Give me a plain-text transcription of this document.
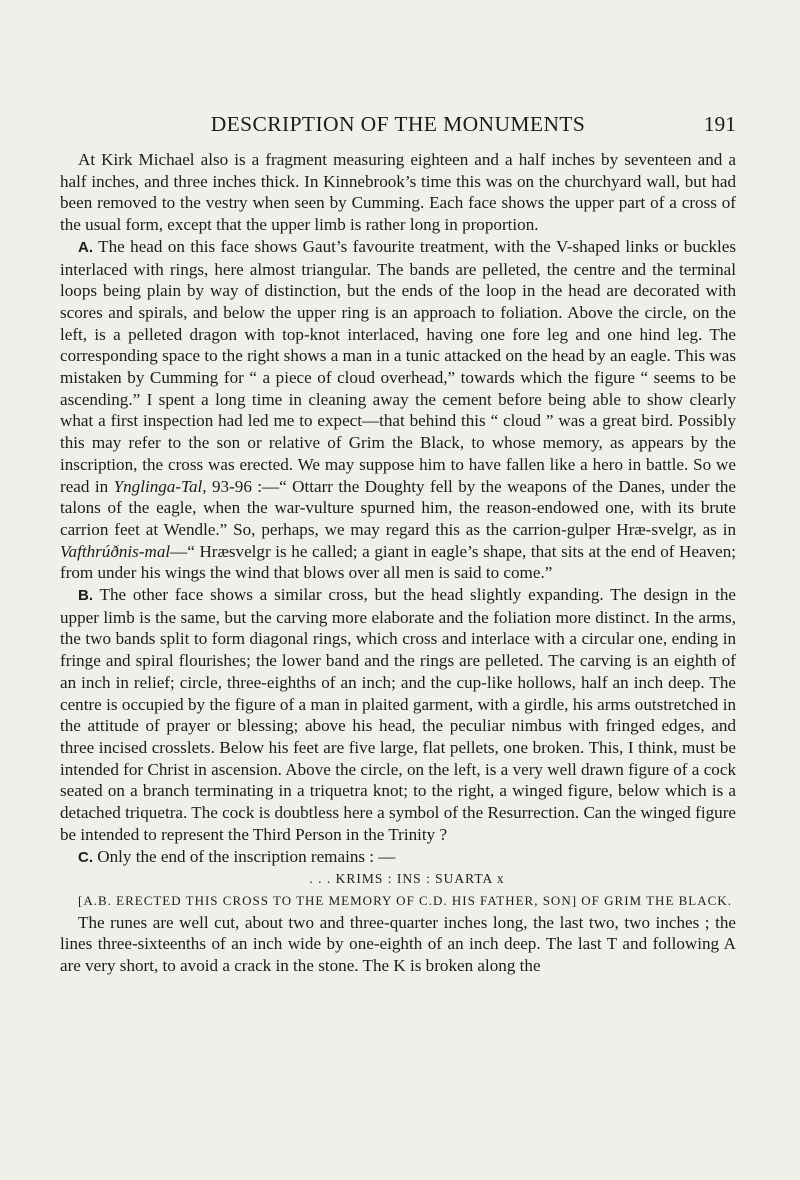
DESCRIPTION OF THE MONUMENTS	191

At Kirk Michael also is a fragment measuring eighteen and a half inches by seventeen and a half inches, and three inches thick. In Kinnebrook’s time this was on the churchyard wall, but had been removed to the vestry when seen by Cumming. Each face shows the upper part of a cross of the usual form, except that the upper limb is rather long in proportion.

A. The head on this face shows Gaut’s favourite treatment, with the V-shaped links or buckles interlaced with rings, here almost triangular. The bands are pelleted, the centre and the terminal loops being plain by way of distinction, but the ends of the loop in the head are decorated with scores and spirals, and below the upper ring is an approach to foliation. Above the circle, on the left, is a pelleted dragon with top-knot interlaced, having one fore leg and one hind leg. The corresponding space to the right shows a man in a tunic attacked on the head by an eagle. This was mistaken by Cumming for “ a piece of cloud overhead,” towards which the figure “ seems to be ascending.” I spent a long time in cleaning away the cement before being able to show clearly what a first inspection had led me to expect—that behind this “ cloud ” was a great bird. Possibly this may refer to the son or relative of Grim the Black, to whose memory, as appears by the inscription, the cross was erected. We may suppose him to have fallen like a hero in battle. So we read in Ynglinga-Tal, 93-96 :—“ Ottarr the Doughty fell by the weapons of the Danes, under the talons of the eagle, when the war-vulture spurned him, the reason-endowed one, with its brute carrion feet at Wendle.” So, perhaps, we may regard this as the carrion-gulper Hræ-svelgr, as in Vafthrúðnis-mal—“ Hræsvelgr is he called; a giant in eagle’s shape, that sits at the end of Heaven; from under his wings the wind that blows over all men is said to come.”

B. The other face shows a similar cross, but the head slightly expanding. The design in the upper limb is the same, but the carving more elaborate and the foliation more distinct. In the arms, the two bands split to form diagonal rings, which cross and interlace with a circular one, ending in fringe and spiral flourishes; the lower band and the rings are pelleted. The carving is an eighth of an inch in relief; circle, three-eighths of an inch; and the cup-like hollows, half an inch deep. The centre is occupied by the figure of a man in plaited garment, with a girdle, his arms outstretched in the attitude of prayer or blessing; above his head, the peculiar nimbus with fringed edges, and three incised crosslets. Below his feet are five large, flat pellets, one broken. This, I think, must be intended for Christ in ascension. Above the circle, on the left, is a very well drawn figure of a cock seated on a branch terminating in a triquetra knot; to the right, a winged figure, below which is a detached triquetra. The cock is doubtless here a symbol of the Resurrection. Can the winged figure be intended to represent the Third Person in the Trinity ?

C. Only the end of the inscription remains : —

. . . KRIMS : INS : SUARTA x

[A.B. ERECTED THIS CROSS TO THE MEMORY OF C.D. HIS FATHER, SON] OF GRIM THE BLACK.

The runes are well cut, about two and three-quarter inches long, the last two, two inches ; the lines three-sixteenths of an inch wide by one-eighth of an inch deep. The last T and following A are very short, to avoid a crack in the stone. The K is broken along the
